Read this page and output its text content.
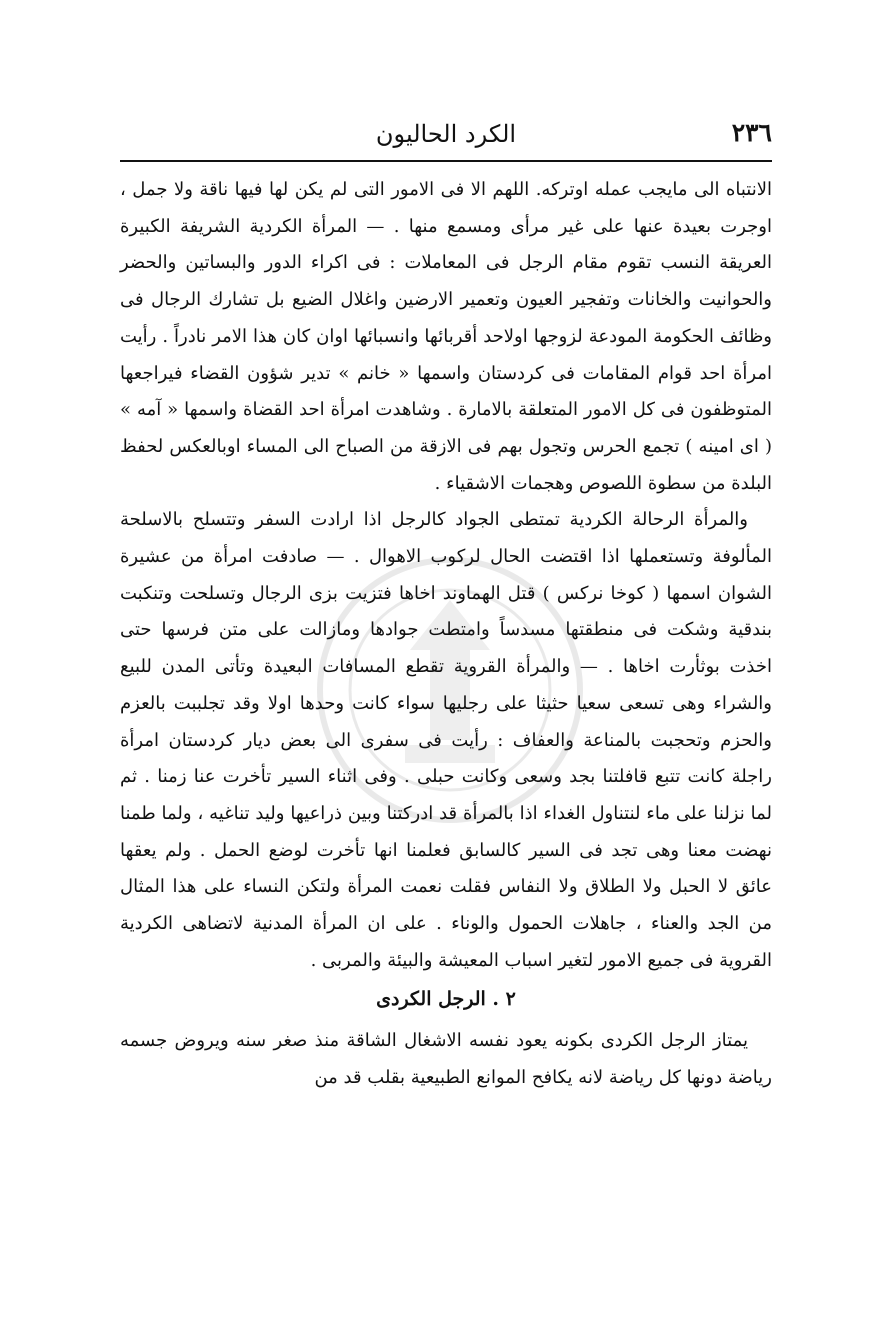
٢٣٦
الكرد الحاليون

الانتباه الى مايجب عمله اوتركه. اللهم الا فى الامور التى لم يكن لها فيها ناقة ولا جمل ، اوجرت بعيدة عنها على غير مرأى ومسمع منها . — المرأة الكردية الشريفة الكبيرة العريقة النسب تقوم مقام الرجل فى المعاملات : فى اكراء الدور والبساتين والحضر والحوانيت والخانات وتفجير العيون وتعمير الارضين واغلال الضيع بل تشارك الرجال فى وظائف الحكومة المودعة لزوجها اولاحد أقربائها وانسبائها اوان كان هذا الامر نادراً . رأيت امرأة احد قوام المقامات فى كردستان واسمها « خانم » تدير شؤون القضاء فيراجعها المتوظفون فى كل الامور المتعلقة بالامارة . وشاهدت امرأة احد القضاة واسمها « آمه » ( اى امينه ) تجمع الحرس وتجول بهم فى الازقة من الصباح الى المساء اوبالعكس لحفظ البلدة من سطوة اللصوص وهجمات الاشقياء .

والمرأة الرحالة الكردية تمتطى الجواد كالرجل اذا ارادت السفر وتتسلح بالاسلحة المألوفة وتستعملها اذا اقتضت الحال لركوب الاهوال . — صادفت امرأة من عشيرة الشوان اسمها ( كوخا نركس ) قتل الهماوند اخاها فتزيت بزى الرجال وتسلحت وتنكبت بندقية وشكت فى منطقتها مسدساً وامتطت جوادها ومازالت على متن فرسها حتى اخذت بوثأرت اخاها . — والمرأة القروية تقطع المسافات البعيدة وتأتى المدن للبيع والشراء وهى تسعى سعيا حثيثا على رجليها سواء كانت وحدها اولا وقد تجلببت بالعزم والحزم وتحجبت بالمناعة والعفاف : رأيت فى سفرى الى بعض ديار كردستان امرأة راجلة كانت تتبع قافلتنا بجد وسعى وكانت حبلى . وفى اثناء السير تأخرت عنا زمنا . ثم لما نزلنا على ماء لنتناول الغداء اذا بالمرأة قد ادركتنا وبين ذراعيها وليد تناغيه ، ولما طمنا نهضت معنا وهى تجد فى السير كالسابق فعلمنا انها تأخرت لوضع الحمل . ولم يعقها عائق لا الحبل ولا الطلاق ولا النفاس فقلت نعمت المرأة ولتكن النساء على هذا المثال من الجد والعناء ، جاهلات الحمول والوناء . على ان المرأة المدنية لاتضاهى الكردية القروية فى جميع الامور لتغير اسباب المعيشة والبيئة والمربى .

٢ . الرجل الكردى

يمتاز الرجل الكردى بكونه يعود نفسه الاشغال الشاقة منذ صغر سنه ويروض جسمه رياضة دونها كل رياضة لانه يكافح الموانع الطبيعية بقلب قد من
